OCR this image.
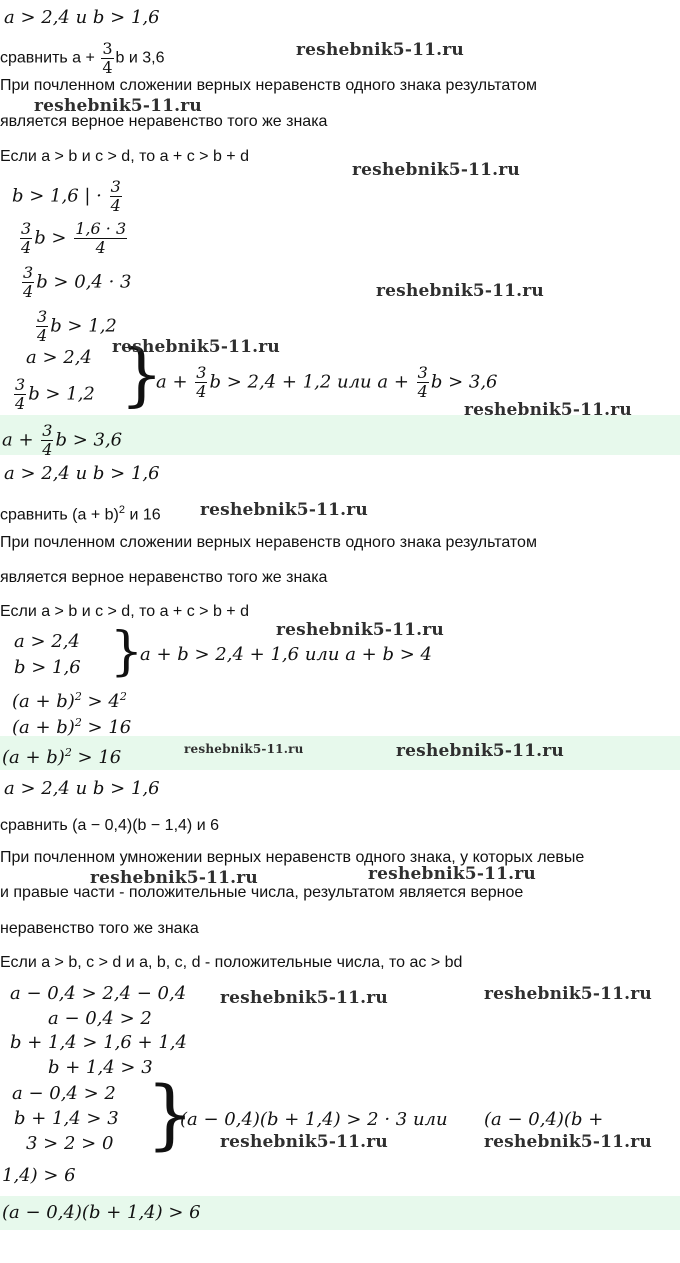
a > 2,4 и b > 1,6
сравнить $a + \frac{3}{4}$ b и 3,6
При почленном сложении верных неравенств одного знака результатом
является верное неравенство того же знака
Если a > b и c > d, то a + c > b + d
b > 1,6 | · $\frac{3}{4}$
$\frac{3}{4}$ $b > \frac{1,6 \cdot 3}{4}$
$\frac{3}{4}$ b > 0,4 · 3
$\frac{3}{4}$ b > 1,2
a > 2,4
$\frac{3}{4}$ b > 1,2 }
$a + \frac{3}{4}$ b > 2,4 + 1,2 или $a + \frac{3}{4}$ b > 3,6
$a + \frac{3}{4}$ b > 3,6
a > 2,4 и b > 1,6
сравнить $(a + b)^2$ и 16
При почленном сложении верных неравенств одного знака результатом
является верное неравенство того же знака
Если a > b и c > d, то a + c > b + d
a > 2,4
b > 1,6 }
a + b > 2,4 + 1,6 или a + b > 4
$(a + b)^2 > 4^2$
$(a + b)^2 > 16$
$(a + b)^2 > 16$
a > 2,4 и b > 1,6
сравнить (a − 0,4)(b − 1,4) и 6
При почленном умножении верных неравенств одного знака, у которых левые
и правые части - положительные числа, результатом является верное
неравенство того же знака
Если a > b, c > d и a, b, c, d - положительные числа, то ac > bd
a − 0,4 > 2,4 − 0,4
a − 0,4 > 2
b + 1,4 > 1,6 + 1,4
b + 1,4 > 3
a − 0,4 > 2
b + 1,4 > 3
3 > 2 > 0 }
(a − 0,4)(b + 1,4) > 2 · 3 или (a − 0,4)(b +
1,4) > 6
(a − 0,4)(b + 1,4) > 6
reshebnik5-11.ru
reshebnik5-11.ru
reshebnik5-11.ru
reshebnik5-11.ru
reshebnik5-11.ru
reshebnik5-11.ru
reshebnik5-11.ru
reshebnik5-11.ru
reshebnik5-11.ru	reshebnik5-11.ru
reshebnik5-11.ru	reshebnik5-11.ru
reshebnik5-11.ru	reshebnik5-11.ru
reshebnik5-11.ru	reshebnik5-11.ru
